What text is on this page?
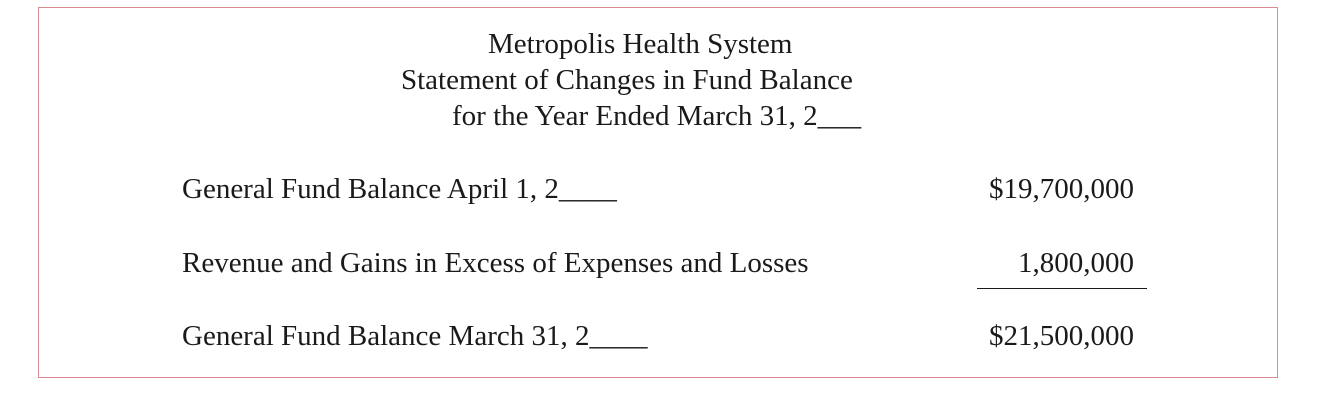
Metropolis Health System
Statement of Changes in Fund Balance
for the Year Ended March 31, 2___
General Fund Balance April 1, 2____	$19,700,000
Revenue and Gains in Excess of Expenses and Losses	1,800,000
General Fund Balance March 31, 2____	$21,500,000
